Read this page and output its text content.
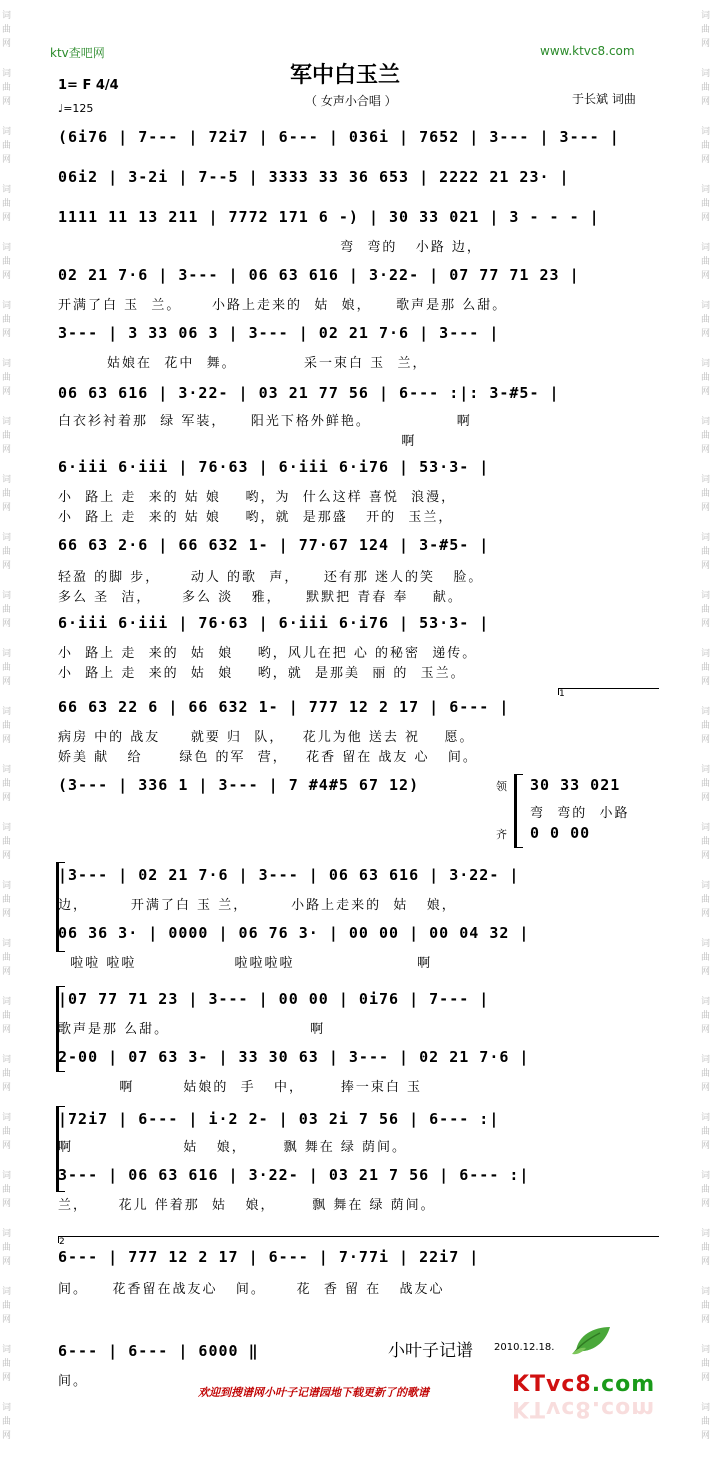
词
曲
网
词
曲
网
词
曲
网
词
曲
网
词
曲
网
词
曲
网
词
曲
网
词
曲
网
词
曲
网
词
曲
网
词
曲
网
词
曲
网
词
曲
网
词
曲
网
词
曲
网
词
曲
网
词
曲
网
词
曲
网
词
曲
网
词
曲
网
词
曲
网
词
曲
网
词
曲
网
词
曲
网
词
曲
网
词
曲
网
词
曲
网
词
曲
网
词
曲
网
词
曲
网
词
曲
网
词
曲
网
词
曲
网
词
曲
网
词
曲
网
词
曲
网
词
曲
网
词
曲
网
词
曲
网
词
曲
网
词
曲
网
词
曲
网
词
曲
网
词
曲
网
词
曲
网
词
曲
网
词
曲
网
词
曲
网
词
曲
网
词
曲
网
ktv查吧网	www.ktvc8.com
军中白玉兰
（ 女声小合唱 ）
1= F 4/4
♩=125
于长斌 词曲
(6i76 | 7--- | 72i7 | 6--- | 036i | 7652 | 3--- | 3--- |
06i2 | 3-2i | 7--5 | 3333 33 36 653 | 2222 21 23· |
1111 11 13 211 | 7772 171 6 -) | 30 33 021 | 3 - - - |
弯  弯的   小路 边，
02 21 7·6 | 3--- | 06 63 616 | 3·22- | 07 77 71 23 |
开满了白 玉  兰。     小路上走来的  姑  娘，    歌声是那 么甜。
3--- | 3 33 06 3 | 3--- | 02 21 7·6 | 3--- |
姑娘在  花中  舞。           采一束白 玉  兰，
06 63 616 | 3·22- | 03 21 77 56 | 6--- :|: 3-#5- |
白衣衫衬着那  绿 军装，    阳光下格外鲜艳。              啊
啊
6·iii 6·iii | 76·63 | 6·iii 6·i76 | 53·3- |
小  路上 走  来的 姑 娘    哟，为  什么这样 喜悦  浪漫，
小  路上 走  来的 姑 娘    哟，就  是那盛   开的  玉兰，
66 63 2·6 | 66 632 1- | 77·67 124 | 3-#5- |
轻盈 的脚 步，     动人 的歌  声，    还有那 迷人的笑   脸。
多么 圣  洁，     多么 淡   雅，    默默把 青春 奉    献。
6·iii 6·iii | 76·63 | 6·iii 6·i76 | 53·3- |
小  路上 走  来的  姑  娘    哟，风儿在把 心 的秘密  递传。
小  路上 走  来的  姑  娘    哟，就  是那美  丽 的  玉兰。
66 63 22 6 | 66 632 1- | 777 12 2 17 | 6--- |
病房 中的 战友     就要 归  队，   花儿为他 送去 祝    愿。
娇美 献   给      绿色 的军  营，   花香 留在 战友 心   间。
(3--- | 336 1 | 3--- | 7 #4#5 67 12)
|3--- | 02 21 7·6 | 3--- | 06 63 616 | 3·22- |
边，       开满了白 玉 兰，       小路上走来的  姑   娘，
06 36 3· | 0000 | 06 76 3· | 00 00 | 00 04 32 |
啦啦 啦啦                啦啦啦啦                    啊
|07 77 71 23 | 3--- | 00 00 | 0i76 | 7--- |
歌声是那 么甜。                       啊
2-00 | 07 63 3- | 33 30 63 | 3--- | 02 21 7·6 |
啊        姑娘的  手   中，      捧一束白 玉
|72i7 | 6--- | i·2 2- | 03 2i 7 56 | 6--- :|
啊                  姑   娘，      飘 舞在 绿 荫间。
3--- | 06 63 616 | 3·22- | 03 21 7 56 | 6--- :|
兰，     花儿 伴着那  姑   娘，      飘 舞在 绿 荫间。
6--- | 777 12 2 17 | 6--- | 7·77i | 22i7 |
间。    花香留在战友心   间。     花  香 留 在   战友心
6--- | 6--- | 6000 ‖
间。
领
齐
30 33 021
弯  弯的  小路
0 0 00
1
2
小叶子记谱 2010.12.18.
欢迎到搜谱网小叶子记谱园地下载更新了的歌谱	KTvc8.com
KTvc8.com
